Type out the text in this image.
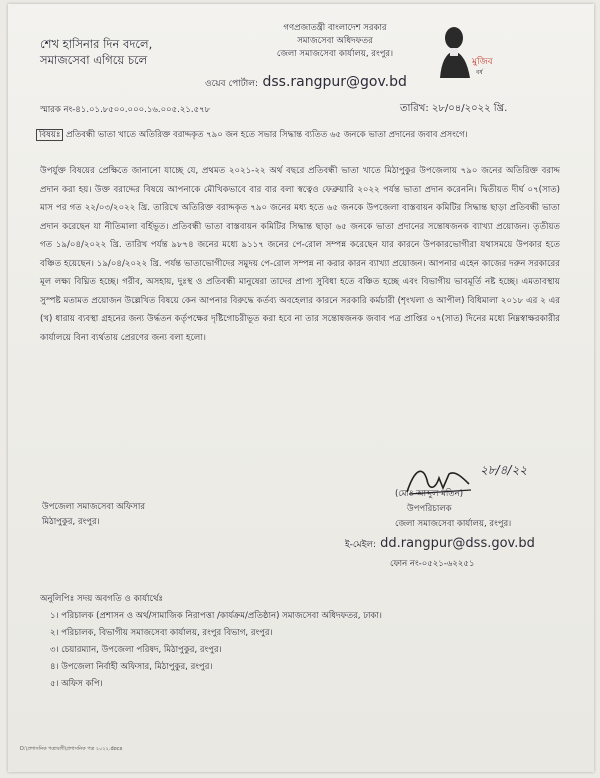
শেখ হাসিনার দিন বদলে,
সমাজসেবা এগিয়ে চলে
গণপ্রজাতন্ত্রী বাংলাদেশ সরকার
সমাজসেবা অধিদফতর
জেলা সমাজসেবা কার্যালয়, রংপুর।
ওয়েব পোর্টাল: dss.rangpur@gov.bd
মুজিব
বর্ষ
স্মারক নং-৪১.০১.৮৫০০.০০০.১৬.০০৫.২১.৫৭৮	তারিখ: ২৮/০৪/২০২২ খ্রি.
বিষয়ঃ প্রতিবন্ধী ভাতা খাতে অতিরিক্ত বরাদ্দকৃত ৭৯০ জন হতে সভার সিদ্ধান্ত ব্যতিত ৬৫ জনকে ভাতা প্রদানের জবাব প্রসংগে।
উপর্যুক্ত বিষয়ের প্রেক্ষিতে জানানো যাচ্ছে যে, প্রথমত ২০২১-২২ অর্থ বছরে প্রতিবন্ধী ভাতা খাতে মিঠাপুকুর উপজেলায় ৭৯০ জনের অতিরিক্ত বরাদ্দ প্রদান করা হয়। উক্ত বরাদ্দের বিষয়ে আপনাকে মৌখিকভাবে বার বার বলা স্বত্বেও ফেব্রুয়ারি ২০২২ পর্যন্ত ভাতা প্রদান করেননি। দ্বিতীয়ত দীর্ঘ ০৭(সাত) মাস পর গত ২২/০৩/২০২২ খ্রি. তারিখে অতিরিক্ত বরাদ্দকৃত ৭৯০ জনের মধ্য হতে ৬৫ জনকে উপজেলা বাস্তবায়ন কমিটির সিদ্ধান্ত ছাড়া প্রতিবন্ধী ভাতা প্রদান করেছেন যা নীতিমালা বর্হিভূত। প্রতিবন্ধী ভাতা বাস্তবায়ন কমিটির সিদ্ধান্ত ছাড়া ৬৫ জনকে ভাতা প্রদানের সন্তোষজনক ব্যাখ্যা প্রয়োজন। তৃতীয়ত গত ১৯/০৪/২০২২ খ্রি. তারিখ পর্যন্ত ৯৮৭৪ জনের মধ্যে ৯১১৭ জনের পে-রোল সম্পন্ন করেছেন যার কারনে উপকারভোগীরা যথাসময়ে উপকার হতে বঞ্চিত হয়েছেন। ১৯/০৪/২০২২ খ্রি. পর্যন্ত ভাতাভোগীদের সমুদয় পে-রোল সম্পন্ন না করার কারন ব্যাখ্যা প্রয়োজন। আপনার এহেন কাজের দরুন সরকারের মূল লক্ষ্য বিঘ্নিত হচ্ছে। গরীব, অসহায়, দুঃস্থ ও প্রতিবন্ধী মানুষেরা তাদের প্রাপ্য সুবিধা হতে বঞ্চিত হচ্ছে এবং বিভাগীয় ভাবমূর্তি নষ্ট হচ্ছে। এমতাবস্থায় সুস্পষ্ট মতামত প্রয়োজন উল্লেখিত বিষয়ে কেন আপনার বিরুদ্ধে কর্তব্য অবহেলার কারনে সরকারি কর্মচারী (শৃংখলা ও আপীল) বিধিমালা ২০১৮ এর ২ এর (খ) ধারায় ব্যবস্থা গ্রহনের জন্য উর্দ্ধতন কর্তৃপক্ষের দৃষ্টিগোচরীভূত করা হবে না তার সন্তোষজনক জবাব পত্র প্রাপ্তির ০৭(সাত) দিনের মধ্যে নিম্নস্বাক্ষরকারীর কার্যালয়ে বিনা ব্যর্থতায় প্রেরণের জন্য বলা হলো।
২৮/৪/২২
(মোঃ আব্দুল মতিন)
উপপরিচালক
জেলা সমাজসেবা কার্যালয়, রংপুর।
উপজেলা সমাজসেবা অফিসার
মিঠাপুকুর, রংপুর।
ই-মেইল: dd.rangpur@dss.gov.bd
ফোন নং-০৫২১-৬২২৫১
অনুলিপিঃ সদয় অবগতি ও কার্যার্থেঃ
১। পরিচালক (প্রশাসন ও অর্থ/সামাজিক নিরাপত্তা /কার্যক্রম/প্রতিষ্ঠান) সমাজসেবা অধিদফতর, ঢাকা।
২। পরিচালক, বিভাগীয় সমাজসেবা কার্যালয়, রংপুর বিভাগ, রংপুর।
৩। চেয়ারম্যান, উপজেলা পরিষদ, মিঠাপুকুর, রংপুর।
৪। উপজেলা নির্বাহী অফিসার, মিঠাপুকুর, রংপুর।
৫। অফিস কপি।
D:\প্রশাসনিক পত্রাবলী\প্রশাসনিক পত্র ২০২২.docx
